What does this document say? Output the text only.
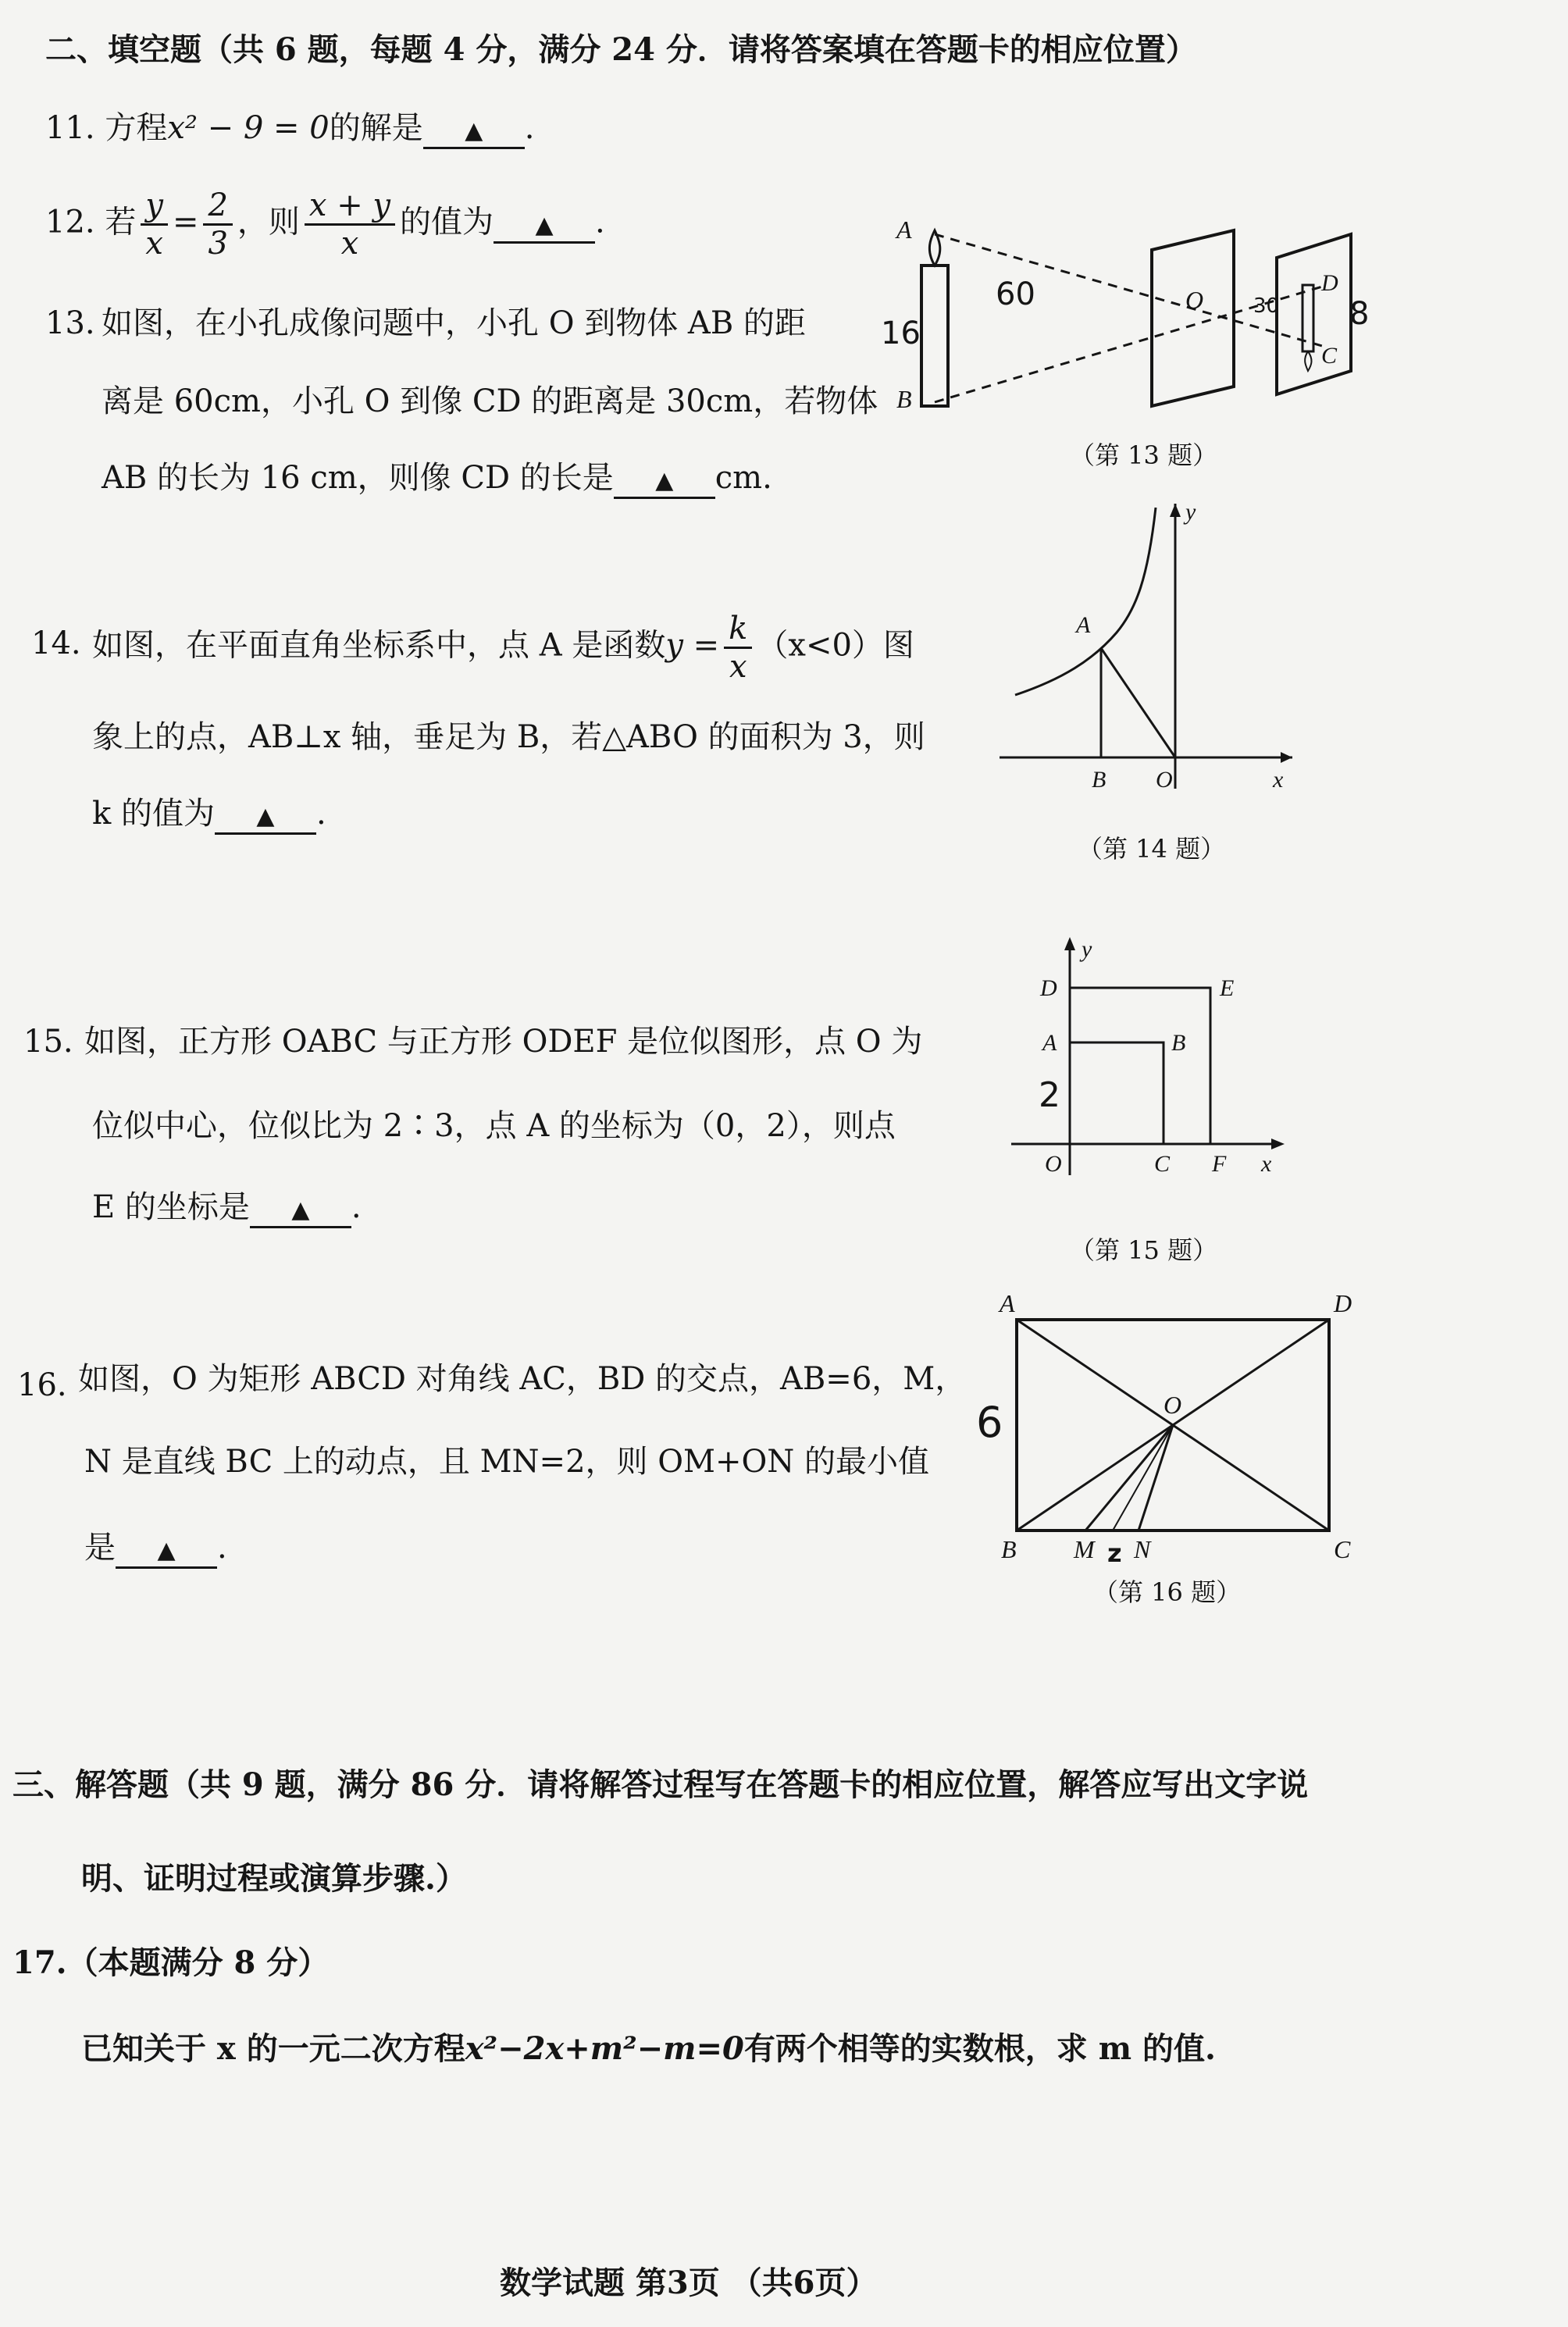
二、填空题（共 6 题，每题 4 分，满分 24 分．请将答案填在答题卡的相应位置）
11. 方程x² − 9 = 0的解是 ▲ .
12. 若 $\frac{y}{x} = \frac{2}{3}$ ，则 $\frac{x + y}{x}$ 的值为 ▲ .
13. 如图，在小孔成像问题中，小孔 O 到物体 AB 的距
离是 60cm，小孔 O 到像 CD 的距离是 30cm，若物体
AB 的长为 16 cm，则像 CD 的长是 ▲ cm.
A
B
O
D
C
16
60	30 8
（第 13 题）
14. 如图，在平面直角坐标系中，点 A 是函数$y = \frac{k}{x} (x<0)$图
象上的点，AB⊥x 轴，垂足为 B，若△ABO 的面积为 3，则
k 的值为 ▲ .
A
B O	x
y
（第 14 题）
15. 如图，正方形 OABC 与正方形 ODEF 是位似图形，点 O 为
位似中心，位似比为 2∶3，点 A 的坐标为（0，2），则点
E 的坐标是 ▲ .
D	E
A	B
O	C F x
y
2
（第 15 题）
16. 如图，O 为矩形 ABCD 对角线 AC，BD 的交点，AB=6，M，
N 是直线 BC 上的动点，且 MN=2，则 OM+ON 的最小值
是 ▲ .
A	D
O
B M N	C
6
z
（第 16 题）
三、解答题（共 9 题，满分 86 分．请将解答过程写在答题卡的相应位置，解答应写出文字说
明、证明过程或演算步骤.）
17.（本题满分 8 分）
已知关于 x 的一元二次方程x²−2x+m²−m=0有两个相等的实数根，求 m 的值.
数学试题 第3页 （共6页）
